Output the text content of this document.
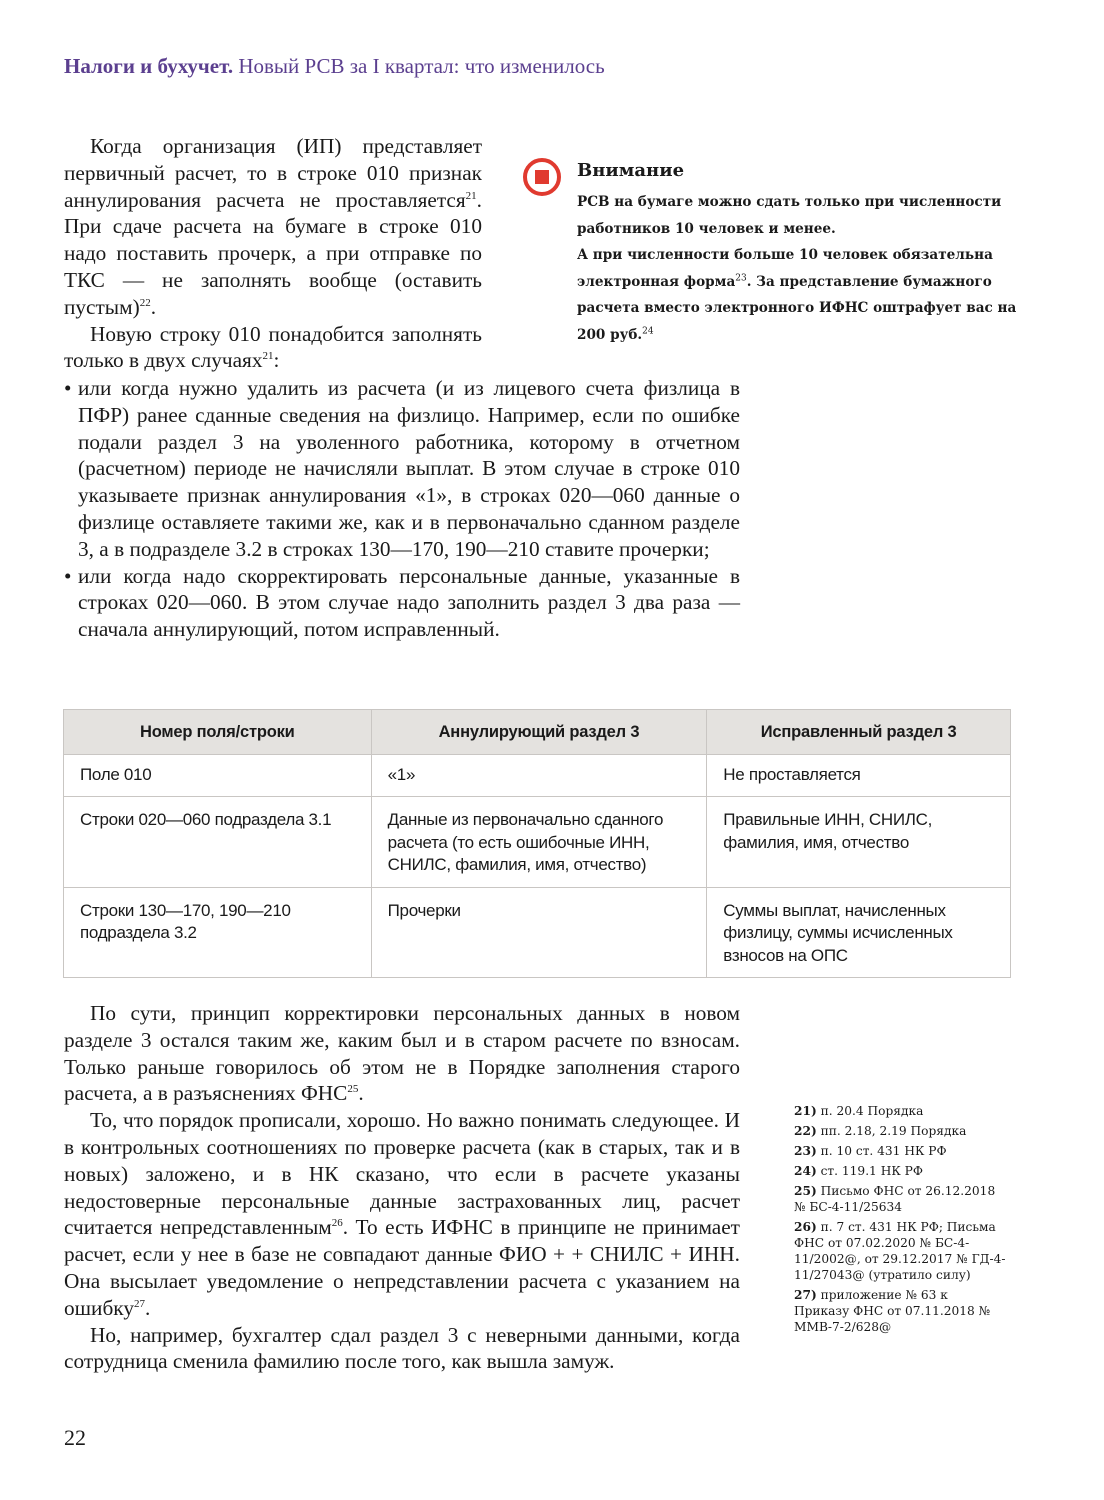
Налоги и бухучет. Новый РСВ за I квартал: что изменилось

Когда организация (ИП) представляет первичный расчет, то в строке 010 признак аннулирования расчета не проставляется$^{21}$. При сдаче расчета на бумаге в строке 010 надо поставить прочерк, а при отправке по ТКС — не заполнять вообще (оставить пустым)$^{22}$.

Новую строку 010 понадобится заполнять только в двух случаях$^{21}$:

Внимание
РСВ на бумаге можно сдать только при численности работников 10 человек и менее.
А при численности больше 10 человек обязательна электронная форма$^{23}$. За представление бумажного расчета вместо электронного ИФНС оштрафует вас на 200 руб.$^{24}$

• или когда нужно удалить из расчета (и из лицевого счета физлица в ПФР) ранее сданные сведения на физлицо. Например, если по ошибке подали раздел 3 на уволенного работника, которому в отчетном (расчетном) периоде не начисляли выплат. В этом случае в строке 010 указываете признак аннулирования «1», в строках 020—060 данные о физлице оставляете такими же, как и в первоначально сданном разделе 3, а в подразделе 3.2 в строках 130—170, 190—210 ставите прочерки;

• или когда надо скорректировать персональные данные, указанные в строках 020—060. В этом случае надо заполнить раздел 3 два раза — сначала аннулирующий, потом исправленный.

Номер поля/строки	Аннулирующий раздел 3	Исправленный раздел 3
Поле 010	«1»	Не проставляется
Строки 020—060 подраздела 3.1	Данные из первоначально сданного расчета (то есть ошибочные ИНН, СНИЛС, фамилия, имя, отчество)	Правильные ИНН, СНИЛС, фамилия, имя, отчество
Строки 130—170, 190—210 подраздела 3.2	Прочерки	Суммы выплат, начисленных физлицу, суммы исчисленных взносов на ОПС

По сути, принцип корректировки персональных данных в новом разделе 3 остался таким же, каким был и в старом расчете по взносам. Только раньше говорилось об этом не в Порядке заполнения старого расчета, а в разъяснениях ФНС$^{25}$.

То, что порядок прописали, хорошо. Но важно понимать следующее. И в контрольных соотношениях по проверке расчета (как в старых, так и в новых) заложено, и в НК сказано, что если в расчете указаны недостоверные персональные данные застрахованных лиц, расчет считается непредставленным$^{26}$. То есть ИФНС в принципе не принимает расчет, если у нее в базе не совпадают данные ФИО + + СНИЛС + ИНН. Она высылает уведомление о непредставлении расчета с указанием на ошибку$^{27}$.

Но, например, бухгалтер сдал раздел 3 с неверными данными, когда сотрудница сменила фамилию после того, как вышла замуж.

21) п. 20.4 Порядка

22) пп. 2.18, 2.19 Порядка

23) п. 10 ст. 431 НК РФ

24) ст. 119.1 НК РФ

25) Письмо ФНС от 26.12.2018 № БС-4-11/25634

26) п. 7 ст. 431 НК РФ; Письма ФНС от 07.02.2020 № БС-4-11/2002@, от 29.12.2017 № ГД-4-11/27043@ (утратило силу)

27) приложение № 63 к Приказу ФНС от 07.11.2018 № ММВ-7-2/628@

22
